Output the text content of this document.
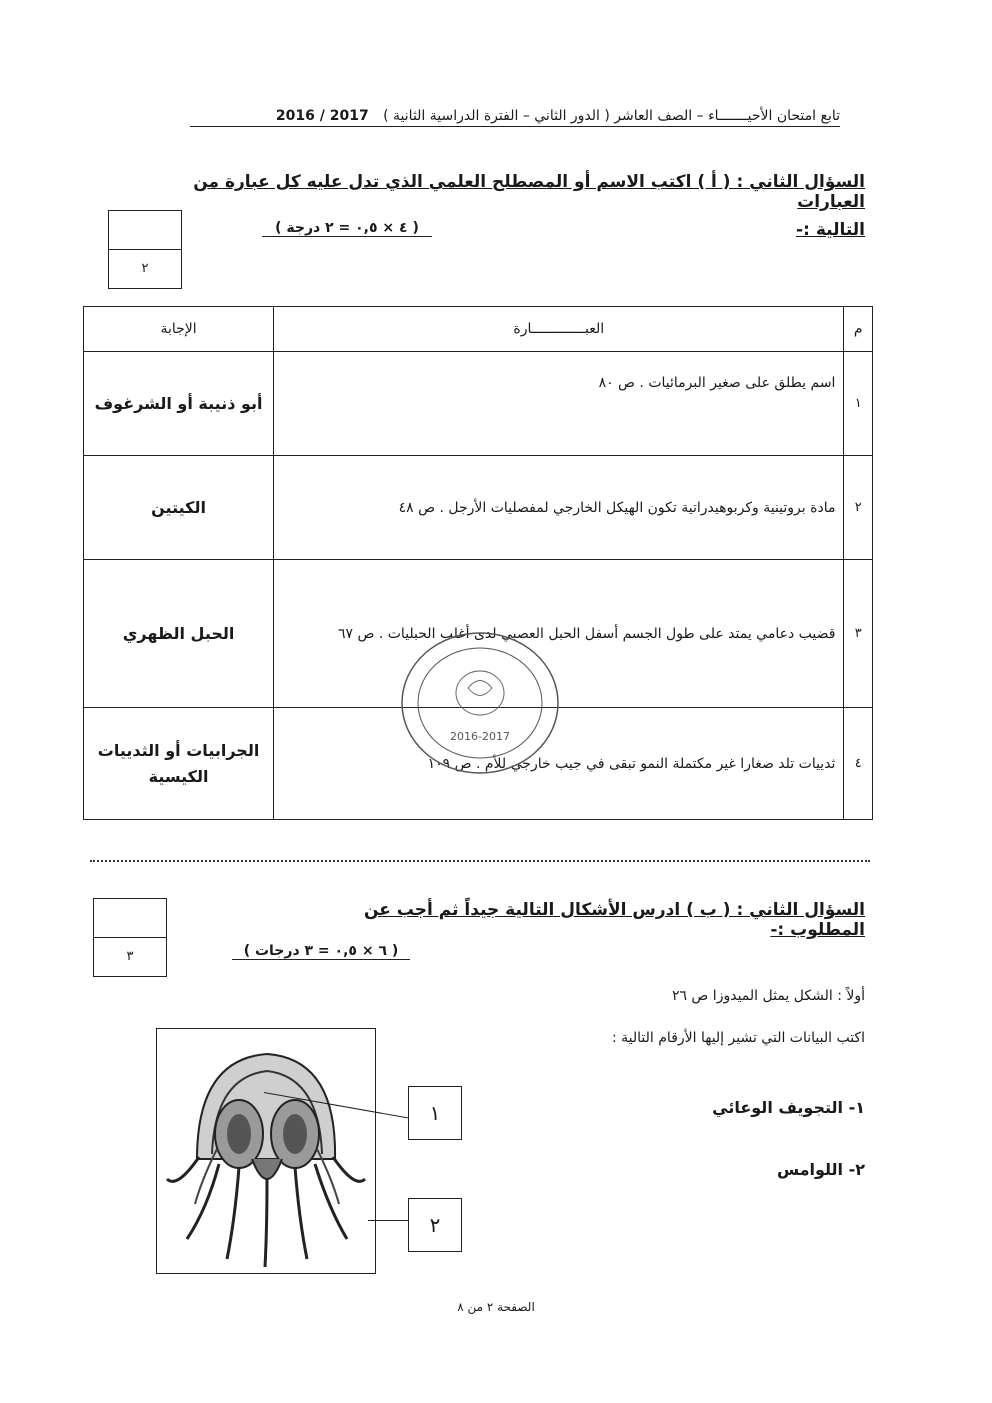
تابع امتحان الأحيـــــــاء – الصف العاشر ( الدور الثاني – الفترة الدراسية الثانية ) 2017 / 2016
السؤال الثاني : ( أ ) اكتب الاسم أو المصطلح العلمي الذي تدل عليه كل عبارة من العبارات
التالية :-
( ٤ × ٠,٥ = ٢ درجة )
٢
م	العبـــــــــــــارة	الإجابة
١	اسم يطلق على صغير البرمائيات . ص ٨٠	أبو ذنيبة أو الشرغوف
٢	مادة بروتينية وكربوهيدراتية تكون الهيكل الخارجي لمفصليات الأرجل . ص ٤٨	الكيتين
٣	قضيب دعامي يمتد على طول الجسم أسفل الحبل العصبي لدى أغلب الحبليات . ص ٦٧	الحبل الظهري
٤	ثدييات تلد صغارا غير مكتملة النمو تبقى في جيب خارجي للأم . ص ١٠٩	الجرابيات أو الثدييات الكيسية
2016-2017
السؤال الثاني : ( ب ) ادرس الأشكال التالية جيداً ثم أجب عن المطلوب :-
( ٦ × ٠,٥ = ٣ درجات )
٣
أولاً : الشكل يمثل الميدوزا ص ٢٦
اكتب البيانات التي تشير إليها الأرقام التالية :
١- التجويف الوعائي
٢- اللوامس
١
٢
الصفحة ٢ من ٨
